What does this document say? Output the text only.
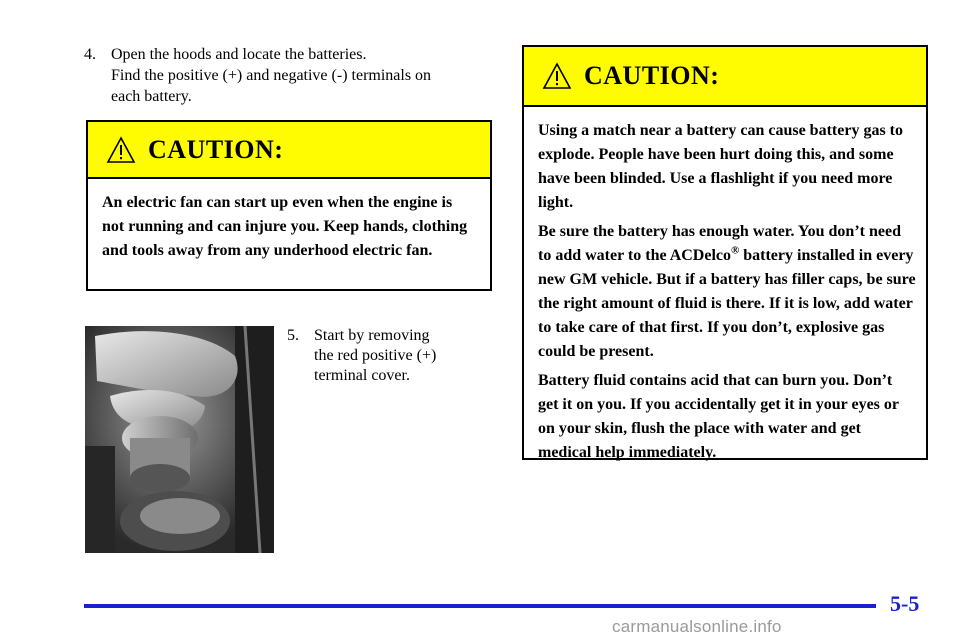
4. Open the hoods and locate the batteries.
Find the positive (+) and negative (-) terminals on
each battery.
CAUTION:

An electric fan can start up even when the engine is not running and can injure you. Keep hands, clothing and tools away from any underhood electric fan.

5. Start by removing
the red positive (+)
terminal cover.
CAUTION:

Using a match near a battery can cause battery gas to explode. People have been hurt doing this, and some have been blinded. Use a flashlight if you need more light.

Be sure the battery has enough water. You don’t need to add water to the ACDelco® battery installed in every new GM vehicle. But if a battery has filler caps, be sure the right amount of fluid is there. If it is low, add water to take care of that first. If you don’t, explosive gas could be present.

Battery fluid contains acid that can burn you. Don’t get it on you. If you accidentally get it in your eyes or on your skin, flush the place with water and get medical help immediately.

5-5
carmanualsonline.info
